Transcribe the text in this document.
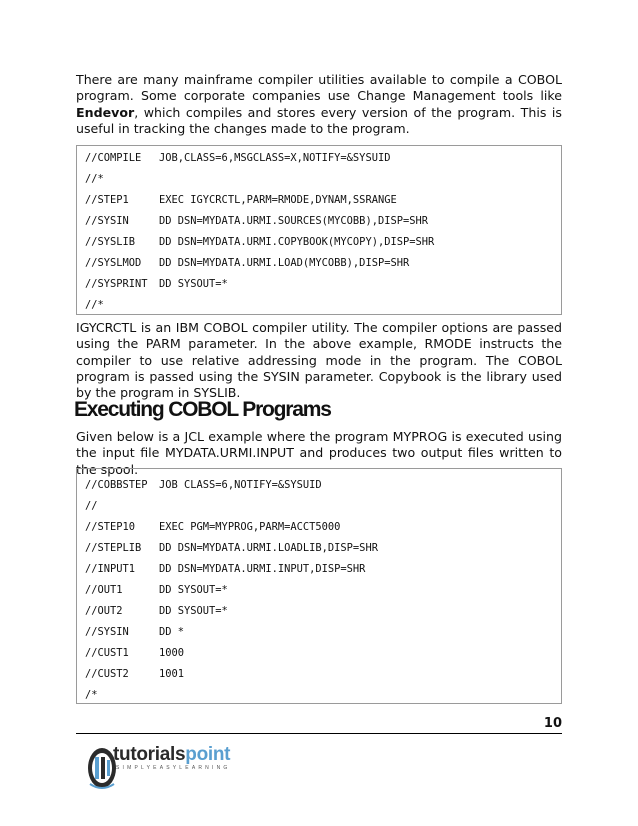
There are many mainframe compiler utilities available to compile a COBOL program. Some corporate companies use Change Management tools like Endevor, which compiles and stores every version of the program. This is useful in tracking the changes made to the program.

//COMPILE JOB,CLASS=6,MSGCLASS=X,NOTIFY=&SYSUID
//*
//STEP1	EXEC IGYCRCTL,PARM=RMODE,DYNAM,SSRANGE
//SYSIN	DD DSN=MYDATA.URMI.SOURCES(MYCOBB),DISP=SHR
//SYSLIB DD DSN=MYDATA.URMI.COPYBOOK(MYCOPY),DISP=SHR
//SYSLMOD DD DSN=MYDATA.URMI.LOAD(MYCOBB),DISP=SHR
//SYSPRINT DD SYSOUT=*
//*

IGYCRCTL is an IBM COBOL compiler utility. The compiler options are passed using the PARM parameter. In the above example, RMODE instructs the compiler to use relative addressing mode in the program. The COBOL program is passed using the SYSIN parameter. Copybook is the library used by the program in SYSLIB.

Executing COBOL Programs

Given below is a JCL example where the program MYPROG is executed using the input file MYDATA.URMI.INPUT and produces two output files written to the spool.

//COBBSTEP JOB CLASS=6,NOTIFY=&SYSUID
//
//STEP10 EXEC PGM=MYPROG,PARM=ACCT5000
//STEPLIB DD DSN=MYDATA.URMI.LOADLIB,DISP=SHR
//INPUT1 DD DSN=MYDATA.URMI.INPUT,DISP=SHR
//OUT1	DD SYSOUT=*
//OUT2	DD SYSOUT=*
//SYSIN	DD *
//CUST1	1000
//CUST2	1001
/*
10
tutorialspoint
SIMPLYEASYLEARNING
